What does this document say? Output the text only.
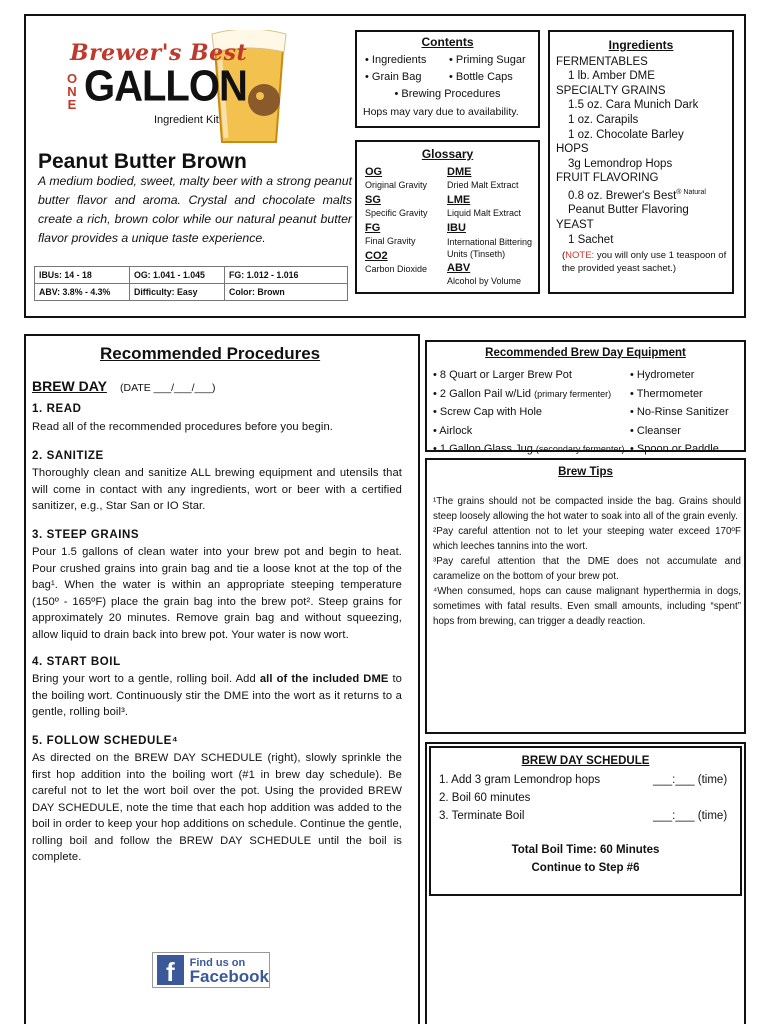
Brewer's Best
O
N
E GALLON
Ingredient Kit
Peanut Butter Brown
A medium bodied, sweet, malty beer with a strong peanut butter flavor and aroma. Crystal and chocolate malts create a rich, brown color while our natural peanut butter flavor provides a unique taste experience.
IBUs: 14 - 18	OG: 1.041 - 1.045	FG: 1.012 - 1.016
ABV: 3.8% - 4.3%	Difficulty: Easy	Color: Brown
Contents
• Ingredients • Priming Sugar
• Grain Bag	• Bottle Caps
• Brewing Procedures
Hops may vary due to availability.
Glossary
OG
Original Gravity
DME
Dried Malt Extract
SG
Specific Gravity
LME
Liquid Malt Extract
FG
Final Gravity
IBU
International Bittering Units (Tinseth)
CO2
Carbon Dioxide ABV
Alcohol by Volume
Ingredients
FERMENTABLES
1 lb. Amber DME
SPECIALTY GRAINS
1.5 oz. Cara Munich Dark
1 oz. Carapils
1 oz. Chocolate Barley
HOPS
3g Lemondrop Hops
FRUIT FLAVORING
0.8 oz. Brewer's Best$^{® Natural}$
Peanut Butter Flavoring
YEAST
1 Sachet
(NOTE: you will only use 1 teaspoon of the provided yeast sachet.)
Recommended Procedures
BREW DAY (DATE ___/___/___)
1. READ
Read all of the recommended procedures before you begin.
2. SANITIZE
Thoroughly clean and sanitize ALL brewing equipment and utensils that will come in contact with any ingredients, wort or beer with a certified sanitizer, e.g., Star San or IO Star.
3. STEEP GRAINS
Pour 1.5 gallons of clean water into your brew pot and begin to heat. Pour crushed grains into grain bag and tie a loose knot at the top of the bag¹. When the water is within an appropriate steeping temperature (150º - 165ºF) place the grain bag into the brew pot². Steep grains for approximately 20 minutes. Remove grain bag and without squeezing, allow liquid to drain back into brew pot. Your water is now wort.
4. START BOIL
Bring your wort to a gentle, rolling boil. Add all of the included DME to the boiling wort. Continuously stir the DME into the wort as it returns to a gentle, rolling boil³.
5. FOLLOW SCHEDULE⁴
As directed on the BREW DAY SCHEDULE (right), slowly sprinkle the first hop addition into the boiling wort (#1 in brew day schedule). Be careful not to let the wort boil over the pot. Using the provided BREW DAY SCHEDULE, note the time that each hop addition was added to the boil in order to keep your hop additions on schedule. Continue the gentle, rolling boil and follow the BREW DAY SCHEDULE until the boil is complete.
f	Find us on
Facebook
Recommended Brew Day Equipment
• 8 Quart or Larger Brew Pot
• 2 Gallon Pail w/Lid (primary fermenter)
• Screw Cap with Hole
• Airlock
• 1 Gallon Glass Jug (secondary fermenter)
• Hydrometer
• Thermometer
• No-Rinse Sanitizer
• Cleanser
• Spoon or Paddle
Brew Tips
¹The grains should not be compacted inside the bag. Grains should steep loosely allowing the hot water to soak into all of the grain evenly.
²Pay careful attention not to let your steeping water exceed 170ºF which leeches tannins into the wort.
³Pay careful attention that the DME does not accumulate and caramelize on the bottom of your brew pot.
⁴When consumed, hops can cause malignant hyperthermia in dogs, sometimes with fatal results. Even small amounts, including “spent” hops from brewing, can trigger a deadly reaction.
BREW DAY SCHEDULE
1. Add 3 gram Lemondrop hops	___:___ (time)
2. Boil 60 minutes
3. Terminate Boil	___:___ (time)
Total Boil Time: 60 Minutes
Continue to Step #6
